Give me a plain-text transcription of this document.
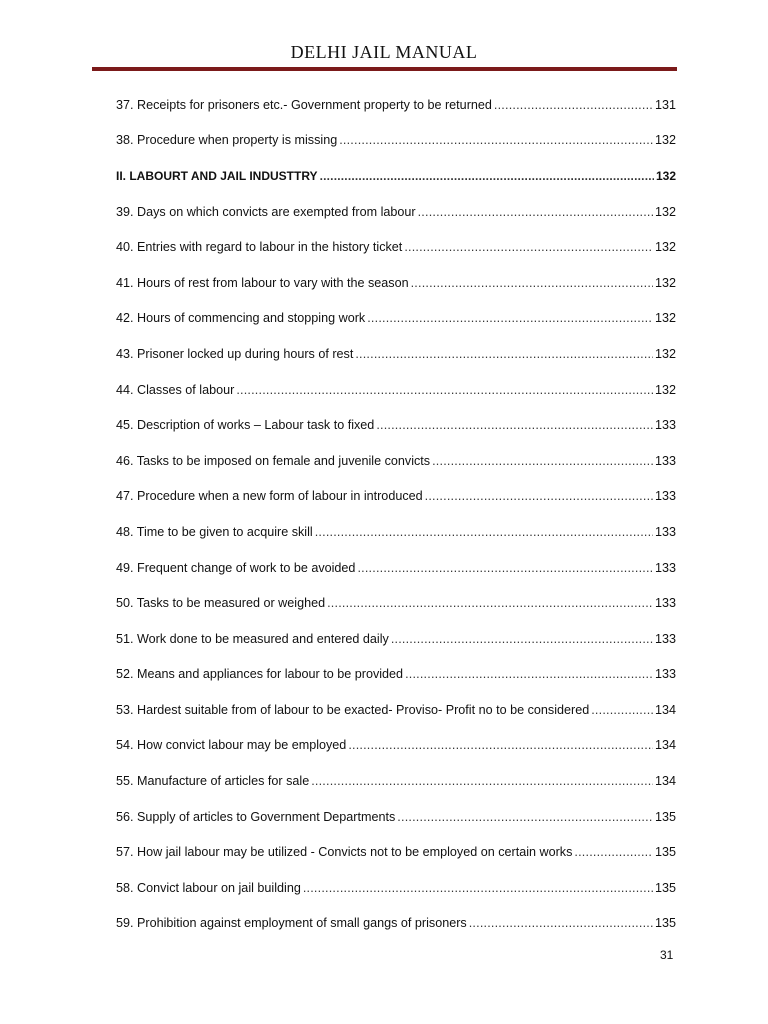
DELHI JAIL MANUAL
37. Receipts for prisoners etc.- Government property to be returned .....	131
38. Procedure when property is missing .....	132
II. LABOURT AND JAIL INDUSTTRY .....	132
39. Days on which convicts are exempted from labour .....	132
40. Entries with regard to labour in the history ticket .....	132
41. Hours of rest from labour to vary with the season .....	132
42. Hours of commencing and stopping work .....	132
43. Prisoner locked up during hours of rest .....	132
44. Classes of labour .....	132
45. Description of works – Labour task to fixed .....	133
46. Tasks to be imposed on female and juvenile convicts .....	133
47. Procedure when a new form of labour in introduced .....	133
48. Time to be given to acquire skill .....	133
49. Frequent change of work to be avoided .....	133
50. Tasks to be measured or weighed .....	133
51. Work done to be measured and entered daily .....	133
52. Means and appliances for labour to be provided .....	133
53. Hardest suitable from of labour to be exacted- Proviso- Profit no to be considered .....	134
54. How convict labour may be employed .....	134
55. Manufacture of articles for sale .....	134
56. Supply of articles to Government Departments .....	135
57. How jail labour may be utilized - Convicts not to be employed on certain works .....	135
58. Convict labour on jail building .....	135
59. Prohibition against employment of small gangs of prisoners .....	135
31
